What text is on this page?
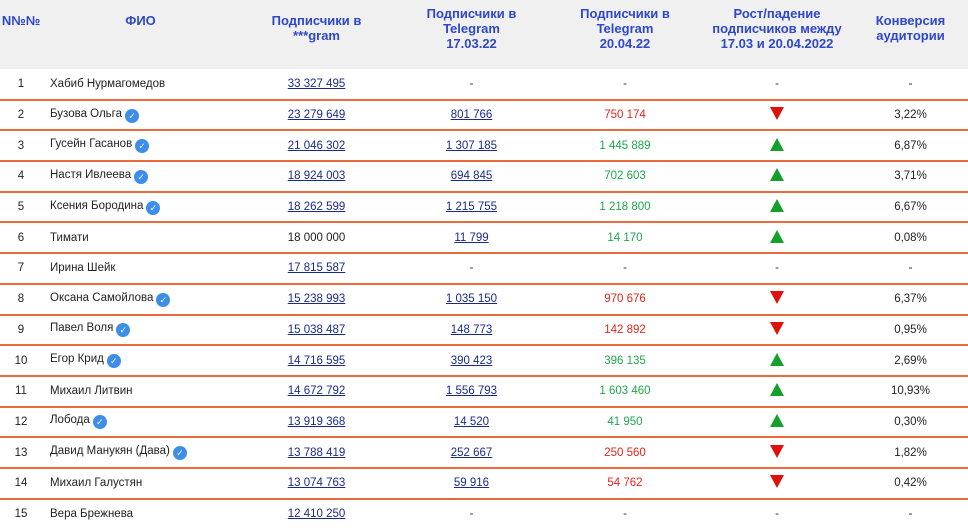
N№№	ФИО	Подписчики в ***gram	Подписчики в Telegram 17.03.22	Подписчики в Telegram 20.04.22	Рост/падение подписчиков между 17.03 и 20.04.2022	Конверсия аудитории

1	Хабиб Нурмагомедов	33 327 495	-	-	-	-
2	Бузова Ольга ✓	23 279 649	801 766	750 174		3,22%
3	Гусейн Гасанов ✓	21 046 302	1 307 185	1 445 889		6,87%
4	Настя Ивлеева ✓	18 924 003	694 845	702 603		3,71%
5	Ксения Бородина ✓	18 262 599	1 215 755	1 218 800		6,67%
6	Тимати	18 000 000	11 799	14 170		0,08%
7	Ирина Шейк	17 815 587	-	-	-	-
8	Оксана Самойлова ✓	15 238 993	1 035 150	970 676		6,37%
9	Павел Воля ✓	15 038 487	148 773	142 892		0,95%
10	Егор Крид ✓	14 716 595	390 423	396 135		2,69%
11	Михаил Литвин	14 672 792	1 556 793	1 603 460		10,93%
12	Лобода ✓	13 919 368	14 520	41 950		0,30%
13	Давид Манукян (Дава) ✓	13 788 419	252 667	250 560		1,82%
14	Михаил Галустян	13 074 763	59 916	54 762		0,42%
15	Вера Брежнева	12 410 250	-	-	-	-
